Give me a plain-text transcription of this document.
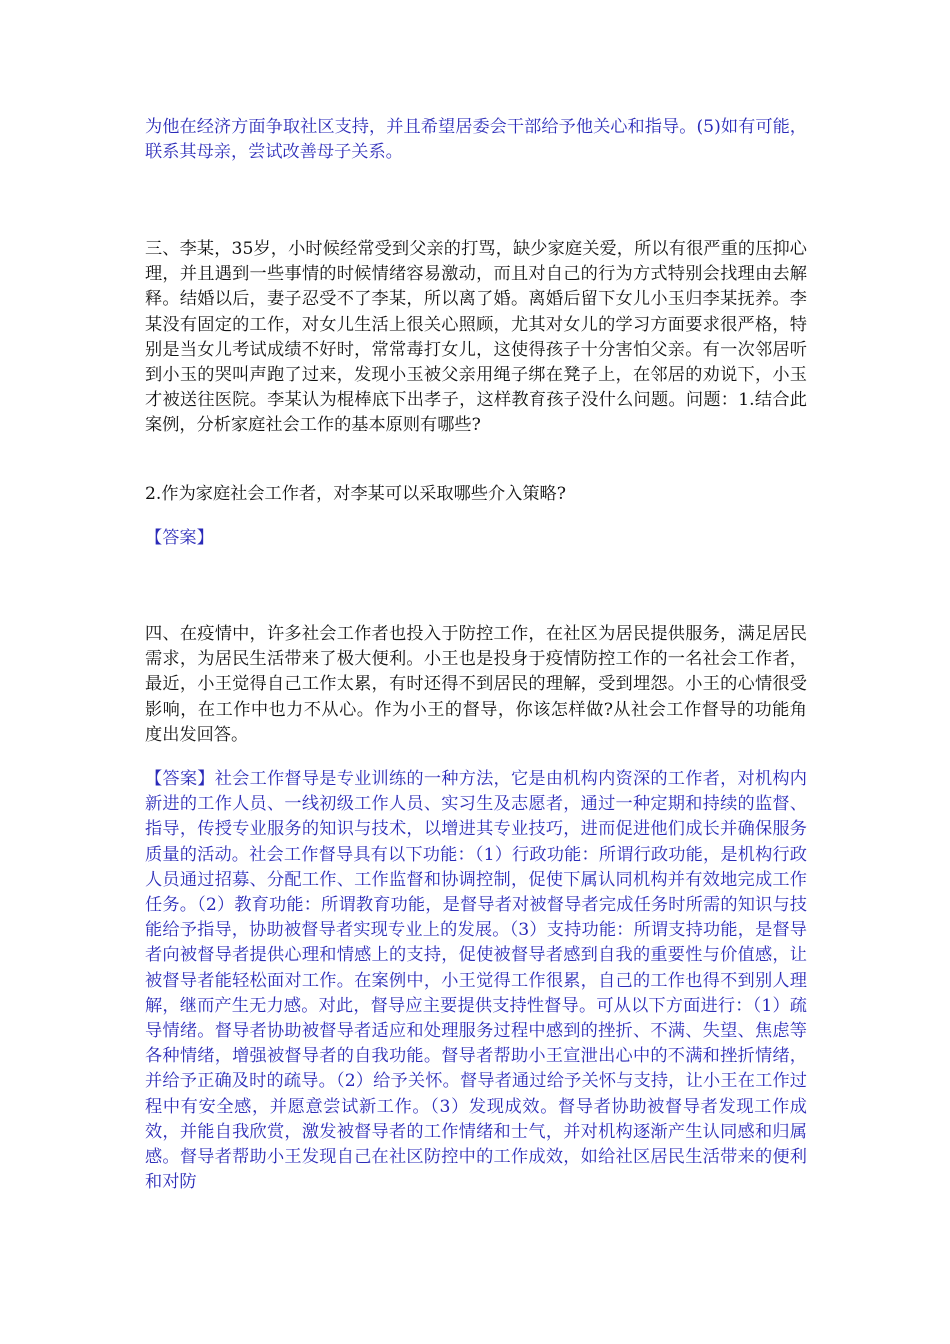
为他在经济方面争取社区支持，并且希望居委会干部给予他关心和指导。(5)如有可能，联系其母亲，尝试改善母子关系。

三、李某，35岁，小时候经常受到父亲的打骂，缺少家庭关爱，所以有很严重的压抑心理，并且遇到一些事情的时候情绪容易激动，而且对自己的行为方式特别会找理由去解释。结婚以后，妻子忍受不了李某，所以离了婚。离婚后留下女儿小玉归李某抚养。李某没有固定的工作，对女儿生活上很关心照顾，尤其对女儿的学习方面要求很严格，特别是当女儿考试成绩不好时，常常毒打女儿，这使得孩子十分害怕父亲。有一次邻居听到小玉的哭叫声跑了过来，发现小玉被父亲用绳子绑在凳子上，在邻居的劝说下，小玉才被送往医院。李某认为棍棒底下出孝子，这样教育孩子没什么问题。问题：1.结合此案例，分析家庭社会工作的基本原则有哪些?

2.作为家庭社会工作者，对李某可以采取哪些介入策略?

【答案】

四、在疫情中，许多社会工作者也投入于防控工作，在社区为居民提供服务，满足居民需求，为居民生活带来了极大便利。小王也是投身于疫情防控工作的一名社会工作者，最近，小王觉得自己工作太累，有时还得不到居民的理解，受到埋怨。小王的心情很受影响，在工作中也力不从心。作为小王的督导，你该怎样做?从社会工作督导的功能角度出发回答。

【答案】社会工作督导是专业训练的一种方法，它是由机构内资深的工作者，对机构内新进的工作人员、一线初级工作人员、实习生及志愿者，通过一种定期和持续的监督、指导，传授专业服务的知识与技术，以增进其专业技巧，进而促进他们成长并确保服务质量的活动。社会工作督导具有以下功能：（1）行政功能：所谓行政功能，是机构行政人员通过招募、分配工作、工作监督和协调控制，促使下属认同机构并有效地完成工作任务。（2）教育功能：所谓教育功能，是督导者对被督导者完成任务时所需的知识与技能给予指导，协助被督导者实现专业上的发展。（3）支持功能：所谓支持功能，是督导者向被督导者提供心理和情感上的支持，促使被督导者感到自我的重要性与价值感，让被督导者能轻松面对工作。在案例中，小王觉得工作很累，自己的工作也得不到别人理解，继而产生无力感。对此，督导应主要提供支持性督导。可从以下方面进行：（1）疏导情绪。督导者协助被督导者适应和处理服务过程中感到的挫折、不满、失望、焦虑等各种情绪，增强被督导者的自我功能。督导者帮助小王宣泄出心中的不满和挫折情绪，并给予正确及时的疏导。（2）给予关怀。督导者通过给予关怀与支持，让小王在工作过程中有安全感，并愿意尝试新工作。（3）发现成效。督导者协助被督导者发现工作成效，并能自我欣赏，激发被督导者的工作情绪和士气，并对机构逐渐产生认同感和归属感。督导者帮助小王发现自己在社区防控中的工作成效，如给社区居民生活带来的便利和对防
